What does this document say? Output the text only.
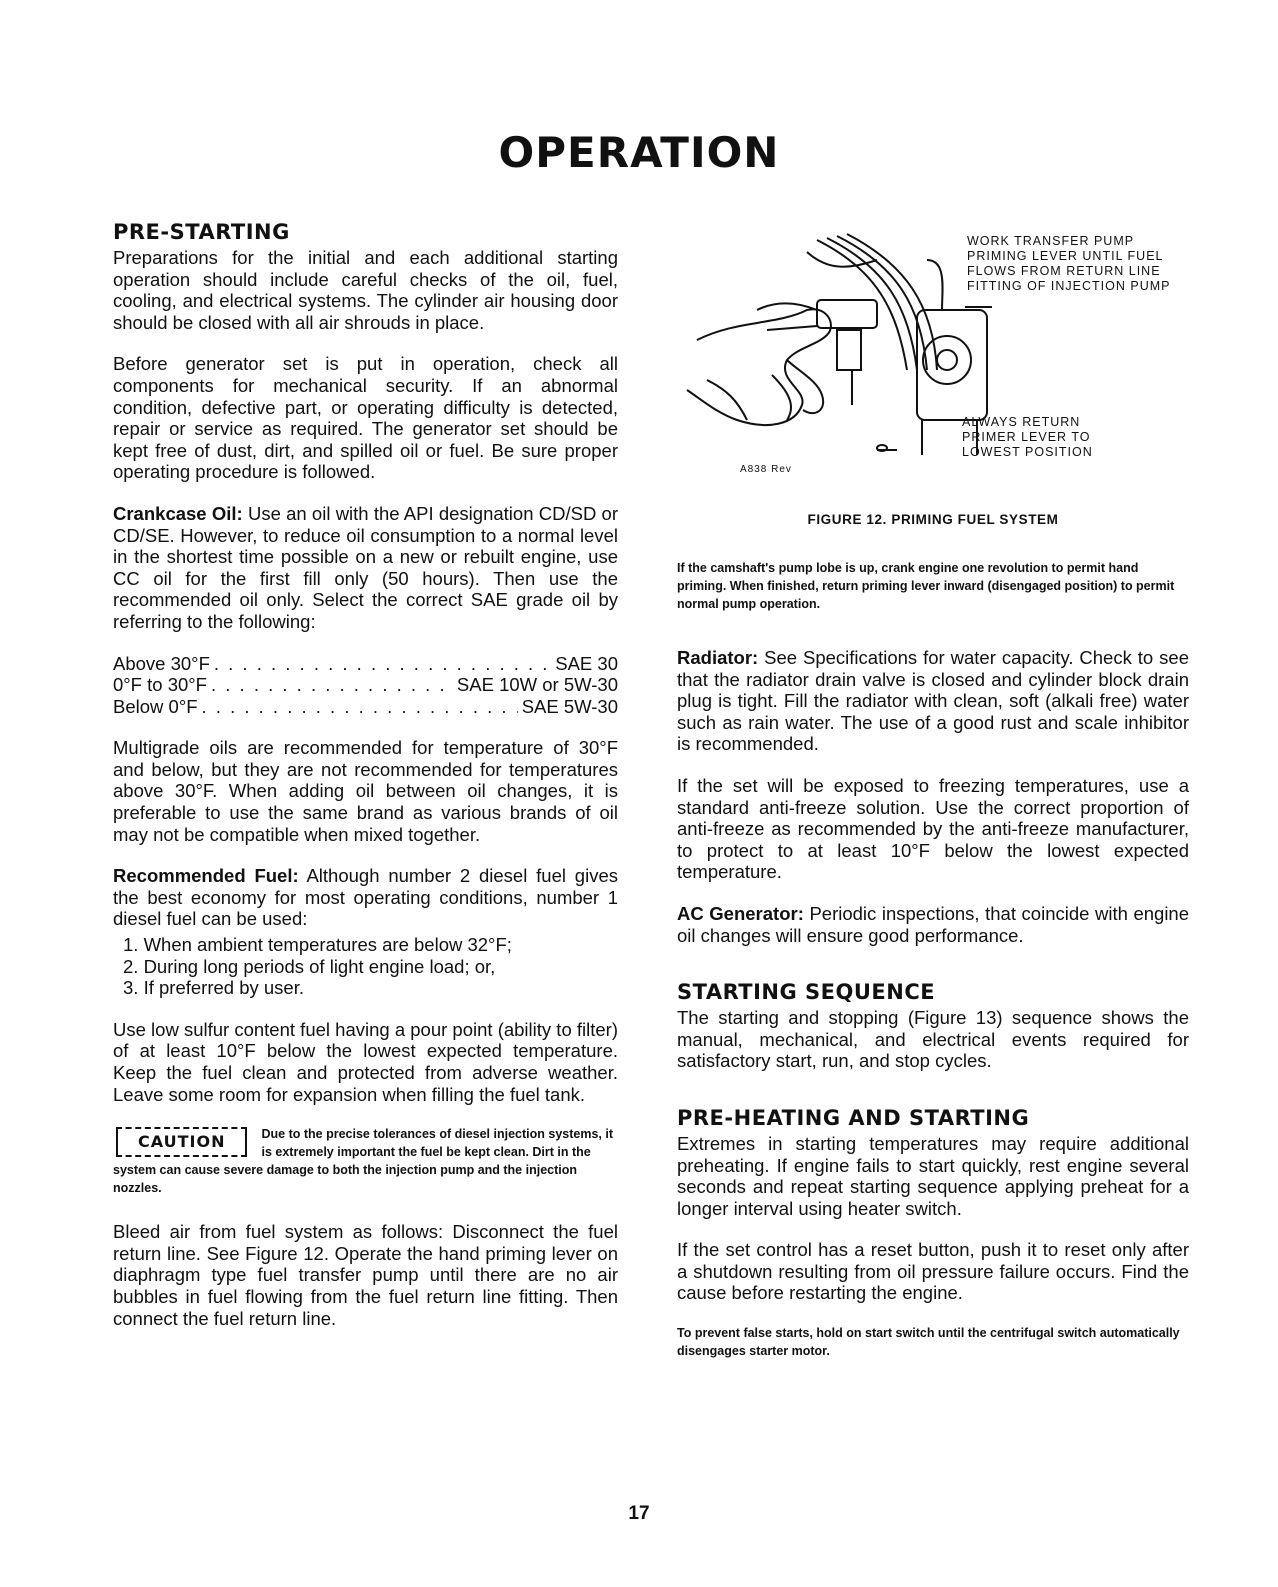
OPERATION
PRE-STARTING

Preparations for the initial and each additional starting operation should include careful checks of the oil, fuel, cooling, and electrical systems. The cylinder air housing door should be closed with all air shrouds in place.

Before generator set is put in operation, check all components for mechanical security. If an abnormal condition, defective part, or operating difficulty is detected, repair or service as required. The generator set should be kept free of dust, dirt, and spilled oil or fuel. Be sure proper operating procedure is followed.

Crankcase Oil: Use an oil with the API designation CD/SD or CD/SE. However, to reduce oil consumption to a normal level in the shortest time possible on a new or rebuilt engine, use CC oil for the first fill only (50 hours). Then use the recommended oil only. Select the correct SAE grade oil by referring to the following:

Above 30°F . . .	SAE 30
0°F to 30°F . . .	SAE 10W or 5W-30
Below 0°F . . .	SAE 5W-30

Multigrade oils are recommended for temperature of 30°F and below, but they are not recommended for temperatures above 30°F. When adding oil between oil changes, it is preferable to use the same brand as various brands of oil may not be compatible when mixed together.

Recommended Fuel: Although number 2 diesel fuel gives the best economy for most operating conditions, number 1 diesel fuel can be used:

1. When ambient temperatures are below 32°F;
2. During long periods of light engine load; or,
3. If preferred by user.

Use low sulfur content fuel having a pour point (ability to filter) of at least 10°F below the lowest expected temperature. Keep the fuel clean and protected from adverse weather. Leave some room for expansion when filling the fuel tank.

CAUTION	Due to the precise tolerances of diesel injection systems, it is extremely important the fuel be kept clean. Dirt in the system can cause severe damage to both the injection pump and the injection nozzles.

Bleed air from fuel system as follows: Disconnect the fuel return line. See Figure 12. Operate the hand priming lever on diaphragm type fuel transfer pump until there are no air bubbles in fuel flowing from the fuel return line fitting. Then connect the fuel return line.

WORK TRANSFER PUMP PRIMING LEVER UNTIL FUEL FLOWS FROM RETURN LINE FITTING OF INJECTION PUMP
ALWAYS RETURN PRIMER LEVER TO LOWEST POSITION
A838 Rev
FIGURE 12. PRIMING FUEL SYSTEM

If the camshaft's pump lobe is up, crank engine one revolution to permit hand priming. When finished, return priming lever inward (disengaged position) to permit normal pump operation.

Radiator: See Specifications for water capacity. Check to see that the radiator drain valve is closed and cylinder block drain plug is tight. Fill the radiator with clean, soft (alkali free) water such as rain water. The use of a good rust and scale inhibitor is recommended.

If the set will be exposed to freezing temperatures, use a standard anti-freeze solution. Use the correct proportion of anti-freeze as recommended by the anti-freeze manufacturer, to protect to at least 10°F below the lowest expected temperature.

AC Generator: Periodic inspections, that coincide with engine oil changes will ensure good performance.

STARTING SEQUENCE

The starting and stopping (Figure 13) sequence shows the manual, mechanical, and electrical events required for satisfactory start, run, and stop cycles.

PRE-HEATING AND STARTING

Extremes in starting temperatures may require additional preheating. If engine fails to start quickly, rest engine several seconds and repeat starting sequence applying preheat for a longer interval using heater switch.

If the set control has a reset button, push it to reset only after a shutdown resulting from oil pressure failure occurs. Find the cause before restarting the engine.

To prevent false starts, hold on start switch until the centrifugal switch automatically disengages starter motor.

17
